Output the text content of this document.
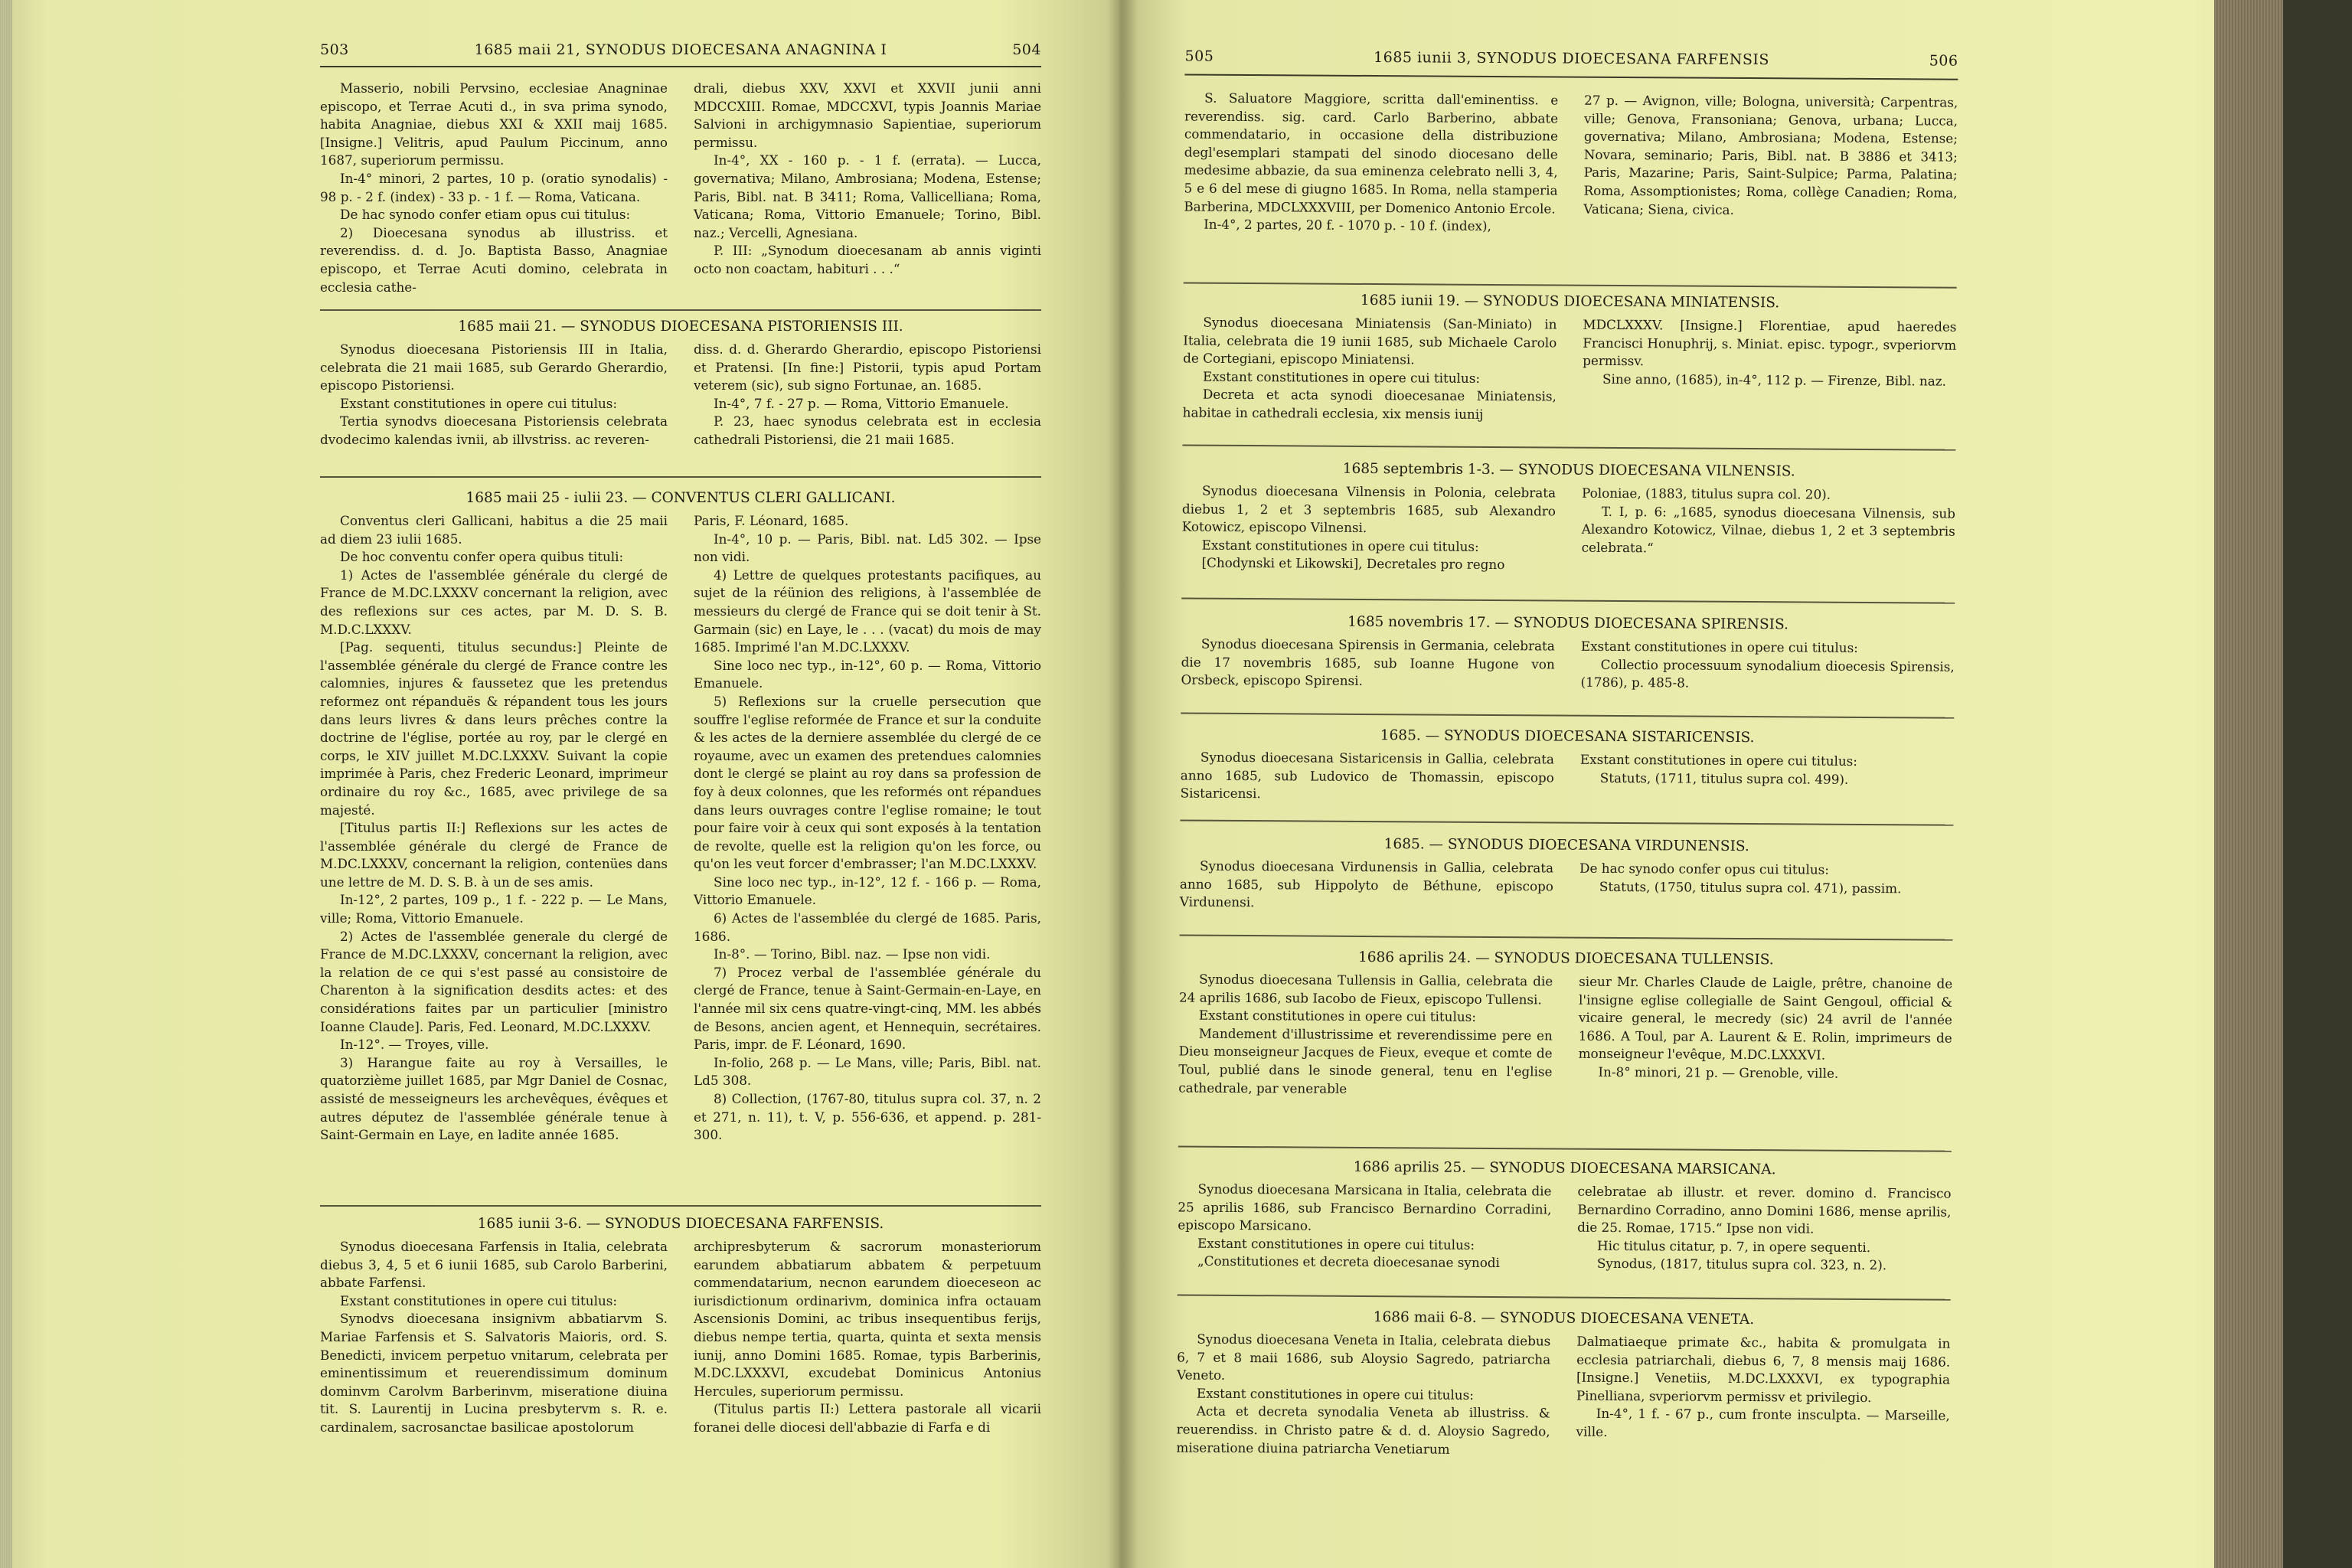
503	1685 maii 21, SYNODUS DIOECESANA ANAGNINA I	504

Masserio, nobili Pervsino, ecclesiae Anagninae episcopo, et Terrae Acuti d., in sva prima synodo, habita Anagniae, diebus XXI & XXII maij 1685. [Insigne.] Velitris, apud Paulum Piccinum, anno 1687, superiorum permissu.

In-4° minori, 2 partes, 10 p. (oratio synodalis) - 98 p. - 2 f. (index) - 33 p. - 1 f. — Roma, Vaticana.

De hac synodo confer etiam opus cui titulus:

2) Dioecesana synodus ab illustriss. et reverendiss. d. d. Jo. Baptista Basso, Anagniae episcopo, et Terrae Acuti domino, celebrata in ecclesia cathe-

drali, diebus XXV, XXVI et XXVII junii anni MDCCXIII. Romae, MDCCXVI, typis Joannis Mariae Salvioni in archigymnasio Sapientiae, superiorum permissu.

In-4°, XX - 160 p. - 1 f. (errata). — Lucca, governativa; Milano, Ambrosiana; Modena, Estense; Paris, Bibl. nat. B 3411; Roma, Vallicelliana; Roma, Vaticana; Roma, Vittorio Emanuele; Torino, Bibl. naz.; Vercelli, Agnesiana.

P. III: „Synodum dioecesanam ab annis viginti octo non coactam, habituri . . .“

1685 maii 21. — SYNODUS DIOECESANA PISTORIENSIS III.

Synodus dioecesana Pistoriensis III in Italia, celebrata die 21 maii 1685, sub Gerardo Gherardio, episcopo Pistoriensi.

Exstant constitutiones in opere cui titulus:

Tertia synodvs dioecesana Pistoriensis celebrata dvodecimo kalendas ivnii, ab illvstriss. ac reveren-

diss. d. d. Gherardo Gherardio, episcopo Pistoriensi et Pratensi. [In fine:] Pistorii, typis apud Portam veterem (sic), sub signo Fortunae, an. 1685.

In-4°, 7 f. - 27 p. — Roma, Vittorio Emanuele.

P. 23, haec synodus celebrata est in ecclesia cathedrali Pistoriensi, die 21 maii 1685.

1685 maii 25 - iulii 23. — CONVENTUS CLERI GALLICANI.

Conventus cleri Gallicani, habitus a die 25 maii ad diem 23 iulii 1685.

De hoc conventu confer opera quibus tituli:

1) Actes de l'assemblée générale du clergé de France de M.DC.LXXXV concernant la religion, avec des reflexions sur ces actes, par M. D. S. B. M.D.C.LXXXV.

[Pag. sequenti, titulus secundus:] Pleinte de l'assemblée générale du clergé de France contre les calomnies, injures & faussetez que les pretendus reformez ont répanduës & répandent tous les jours dans leurs livres & dans leurs prêches contre la doctrine de l'église, portée au roy, par le clergé en corps, le XIV juillet M.DC.LXXXV. Suivant la copie imprimée à Paris, chez Frederic Leonard, imprimeur ordinaire du roy &c., 1685, avec privilege de sa majesté.

[Titulus partis II:] Reflexions sur les actes de l'assemblée générale du clergé de France de M.DC.LXXXV, concernant la religion, contenües dans une lettre de M. D. S. B. à un de ses amis.

In-12°, 2 partes, 109 p., 1 f. - 222 p. — Le Mans, ville; Roma, Vittorio Emanuele.

2) Actes de l'assemblée generale du clergé de France de M.DC.LXXXV, concernant la religion, avec la relation de ce qui s'est passé au consistoire de Charenton à la signification desdits actes: et des considérations faites par un particulier [ministro Ioanne Claude]. Paris, Fed. Leonard, M.DC.LXXXV.

In-12°. — Troyes, ville.

3) Harangue faite au roy à Versailles, le quatorzième juillet 1685, par Mgr Daniel de Cosnac, assisté de messeigneurs les archevêques, évêques et autres députez de l'assemblée générale tenue à Saint-Germain en Laye, en ladite année 1685.

Paris, F. Léonard, 1685.

In-4°, 10 p. — Paris, Bibl. nat. Ld5 302. — Ipse non vidi.

4) Lettre de quelques protestants pacifiques, au sujet de la réünion des religions, à l'assemblée de messieurs du clergé de France qui se doit tenir à St. Garmain (sic) en Laye, le . . . (vacat) du mois de may 1685. Imprimé l'an M.DC.LXXXV.

Sine loco nec typ., in-12°, 60 p. — Roma, Vittorio Emanuele.

5) Reflexions sur la cruelle persecution que souffre l'eglise reformée de France et sur la conduite & les actes de la derniere assemblée du clergé de ce royaume, avec un examen des pretendues calomnies dont le clergé se plaint au roy dans sa profession de foy à deux colonnes, que les reformés ont répandues dans leurs ouvrages contre l'eglise romaine; le tout pour faire voir à ceux qui sont exposés à la tentation de revolte, quelle est la religion qu'on les force, ou qu'on les veut forcer d'embrasser; l'an M.DC.LXXXV.

Sine loco nec typ., in-12°, 12 f. - 166 p. — Roma, Vittorio Emanuele.

6) Actes de l'assemblée du clergé de 1685. Paris, 1686.

In-8°. — Torino, Bibl. naz. — Ipse non vidi.

7) Procez verbal de l'assemblée générale du clergé de France, tenue à Saint-Germain-en-Laye, en l'année mil six cens quatre-vingt-cinq, MM. les abbés de Besons, ancien agent, et Hennequin, secrétaires. Paris, impr. de F. Léonard, 1690.

In-folio, 268 p. — Le Mans, ville; Paris, Bibl. nat. Ld5 308.

8) Collection, (1767-80, titulus supra col. 37, n. 2 et 271, n. 11), t. V, p. 556-636, et append. p. 281-300.

1685 iunii 3-6. — SYNODUS DIOECESANA FARFENSIS.

Synodus dioecesana Farfensis in Italia, celebrata diebus 3, 4, 5 et 6 iunii 1685, sub Carolo Barberini, abbate Farfensi.

Exstant constitutiones in opere cui titulus:

Synodvs dioecesana insignivm abbatiarvm S. Mariae Farfensis et S. Salvatoris Maioris, ord. S. Benedicti, invicem perpetuo vnitarum, celebrata per eminentissimum et reuerendissimum dominum dominvm Carolvm Barberinvm, miseratione diuina tit. S. Laurentij in Lucina presbytervm s. R. e. cardinalem, sacrosanctae basilicae apostolorum

archipresbyterum & sacrorum monasteriorum earundem abbatiarum abbatem & perpetuum commendatarium, necnon earundem dioecesеon ac iurisdictionum ordinarivm, dominica infra octauam Ascensionis Domini, ac tribus insequentibus ferijs, diebus nempe tertia, quarta, quinta et sexta mensis iunij, anno Domini 1685. Romae, typis Barberinis, M.DC.LXXXVI, excudebat Dominicus Antonius Hercules, superiorum permissu.

(Titulus partis II:) Lettera pastorale all vicarii foranei delle diocesi dell'abbazie di Farfa e di

505	1685 iunii 3, SYNODUS DIOECESANA FARFENSIS	506

S. Saluatore Maggiore, scritta dall'eminentiss. e reverendiss. sig. card. Carlo Barberino, abbate commendatario, in occasione della distribuzione degl'esemplari stampati del sinodo diocesano delle medesime abbazie, da sua eminenza celebrato nelli 3, 4, 5 e 6 del mese di giugno 1685. In Roma, nella stamperia Barberina, MDCLXXXVIII, per Domenico Antonio Ercole.

In-4°, 2 partes, 20 f. - 1070 p. - 10 f. (index),

27 p. — Avignon, ville; Bologna, università; Carpentras, ville; Genova, Fransoniana; Genova, urbana; Lucca, governativa; Milano, Ambrosiana; Modena, Estense; Novara, seminario; Paris, Bibl. nat. B 3886 et 3413; Paris, Mazarine; Paris, Saint-Sulpice; Parma, Palatina; Roma, Assomptionistes; Roma, collège Canadien; Roma, Vaticana; Siena, civica.

1685 iunii 19. — SYNODUS DIOECESANA MINIATENSIS.

Synodus dioecesana Miniatensis (San-Miniato) in Italia, celebrata die 19 iunii 1685, sub Michaele Carolo de Cortegiani, episcopo Miniatensi.

Exstant constitutiones in opere cui titulus:

Decreta et acta synodi dioecesanae Miniatensis, habitae in cathedrali ecclesia, xix mensis iunij

MDCLXXXV. [Insigne.] Florentiae, apud haeredes Francisci Honuphrij, s. Miniat. episc. typogr., svperiorvm permissv.

Sine anno, (1685), in-4°, 112 p. — Firenze, Bibl. naz.

1685 septembris 1-3. — SYNODUS DIOECESANA VILNENSIS.

Synodus dioecesana Vilnensis in Polonia, celebrata diebus 1, 2 et 3 septembris 1685, sub Alexandro Kotowicz, episcopo Vilnensi.

Exstant constitutiones in opere cui titulus:

[Chodynski et Likowski], Decretales pro regno

Poloniae, (1883, titulus supra col. 20).

T. I, p. 6: „1685, synodus dioecesana Vilnensis, sub Alexandro Kotowicz, Vilnae, diebus 1, 2 et 3 septembris celebrata.“

1685 novembris 17. — SYNODUS DIOECESANA SPIRENSIS.

Synodus dioecesana Spirensis in Germania, celebrata die 17 novembris 1685, sub Ioanne Hugone von Orsbeck, episcopo Spirensi.

Exstant constitutiones in opere cui titulus:

Collectio processuum synodalium dioecesis Spirensis, (1786), p. 485-8.

1685. — SYNODUS DIOECESANA SISTARICENSIS.

Synodus dioecesana Sistaricensis in Gallia, celebrata anno 1685, sub Ludovico de Thomassin, episcopo Sistaricensi.

Exstant constitutiones in opere cui titulus:

Statuts, (1711, titulus supra col. 499).

1685. — SYNODUS DIOECESANA VIRDUNENSIS.

Synodus dioecesana Virdunensis in Gallia, celebrata anno 1685, sub Hippolyto de Béthune, episcopo Virdunensi.

De hac synodo confer opus cui titulus:

Statuts, (1750, titulus supra col. 471), passim.

1686 aprilis 24. — SYNODUS DIOECESANA TULLENSIS.

Synodus dioecesana Tullensis in Gallia, celebrata die 24 aprilis 1686, sub Iacobo de Fieux, episcopo Tullensi.

Exstant constitutiones in opere cui titulus:

Mandement d'illustrissime et reverendissime pere en Dieu monseigneur Jacques de Fieux, eveque et comte de Toul, publié dans le sinode general, tenu en l'eglise cathedrale, par venerable

sieur Mr. Charles Claude de Laigle, prêtre, chanoine de l'insigne eglise collegialle de Saint Gengoul, official & vicaire general, le mecredy (sic) 24 avril de l'année 1686. A Toul, par A. Laurent & E. Rolin, imprimeurs de monseigneur l'evêque, M.DC.LXXXVI.

In-8° minori, 21 p. — Grenoble, ville.

1686 aprilis 25. — SYNODUS DIOECESANA MARSICANA.

Synodus dioecesana Marsicana in Italia, celebrata die 25 aprilis 1686, sub Francisco Bernardino Corradini, episcopo Marsicano.

Exstant constitutiones in opere cui titulus:

„Constitutiones et decreta dioecesanae synodi

celebratae ab illustr. et rever. domino d. Francisco Bernardino Corradino, anno Domini 1686, mense aprilis, die 25. Romae, 1715.“ Ipse non vidi.

Hic titulus citatur, p. 7, in opere sequenti.

Synodus, (1817, titulus supra col. 323, n. 2).

1686 maii 6-8. — SYNODUS DIOECESANA VENETA.

Synodus dioecesana Veneta in Italia, celebrata diebus 6, 7 et 8 maii 1686, sub Aloysio Sagredo, patriarcha Veneto.

Exstant constitutiones in opere cui titulus:

Acta et decreta synodalia Veneta ab illustriss. & reuerendiss. in Christo patre & d. d. Aloysio Sagredo, miseratione diuina patriarcha Venetiarum

Dalmatiaeque primate &c., habita & promulgata in ecclesia patriarchali, diebus 6, 7, 8 mensis maij 1686. [Insigne.] Venetiis, M.DC.LXXXVI, ex typographia Pinelliana, svperiorvm permissv et privilegio.

In-4°, 1 f. - 67 p., cum fronte insculpta. — Marseille, ville.
